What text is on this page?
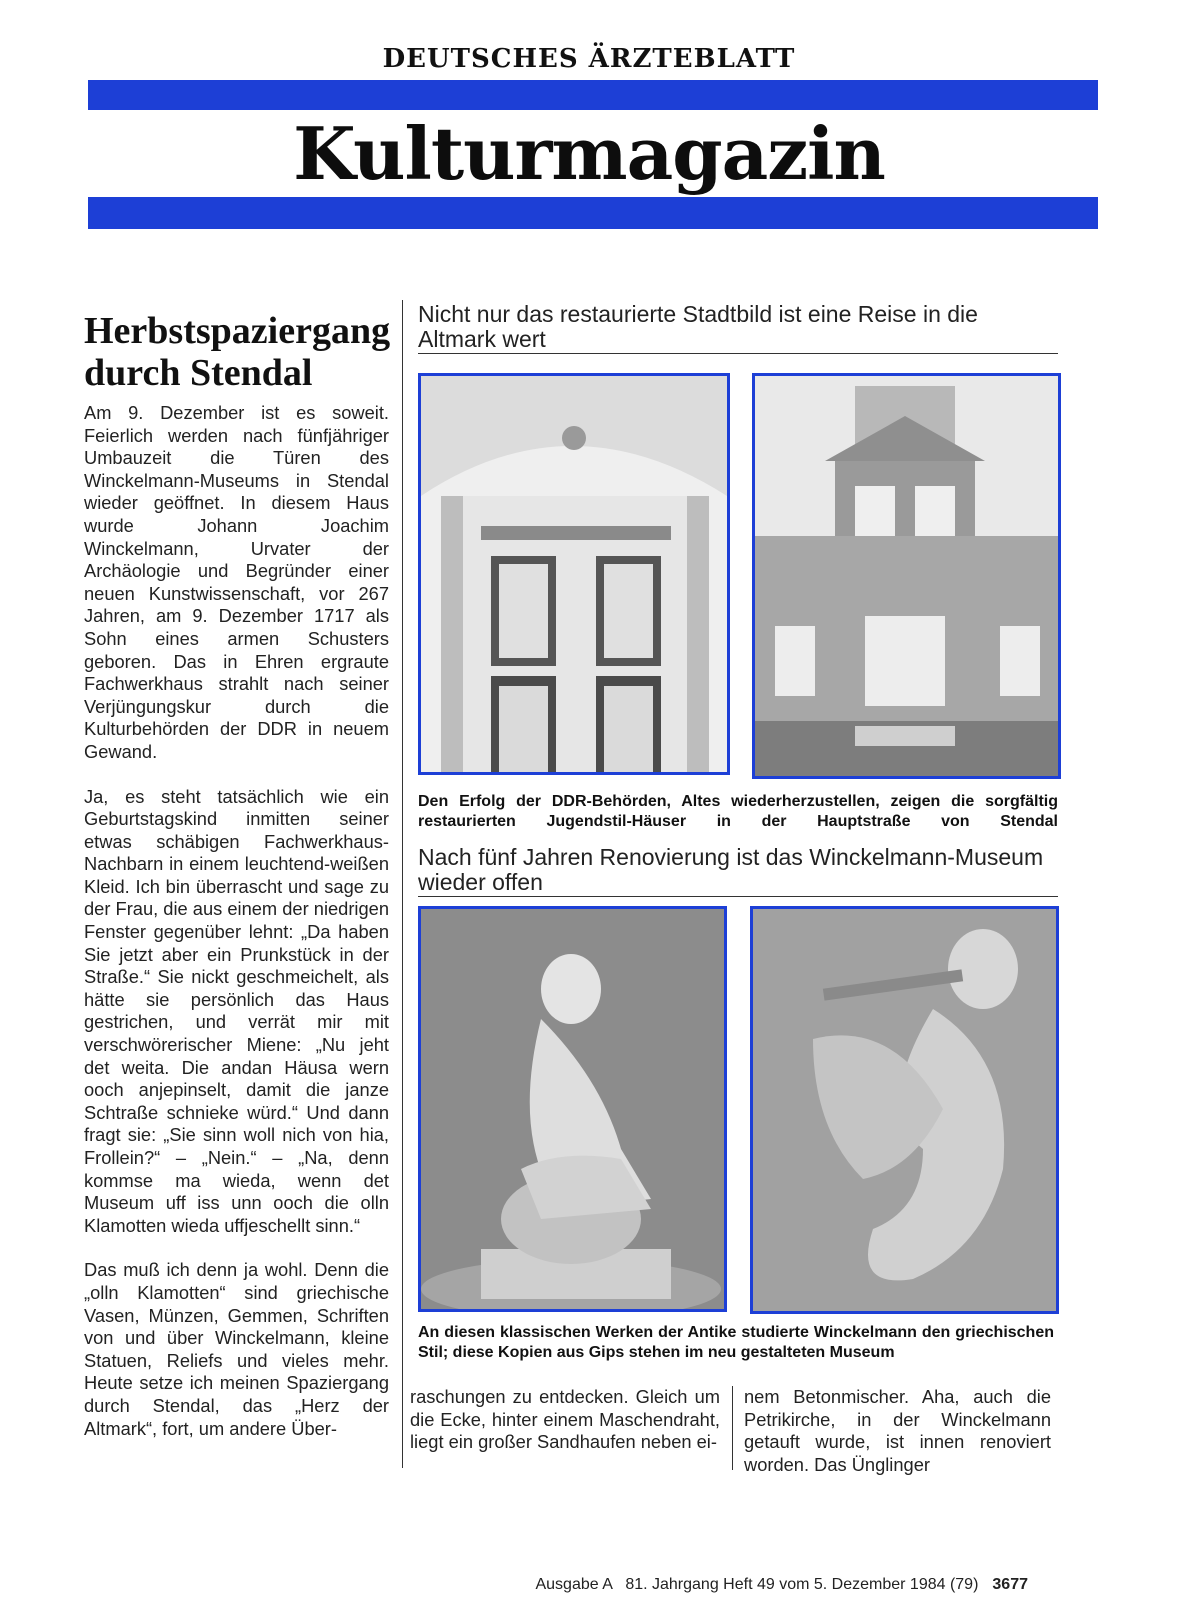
DEUTSCHES ÄRZTEBLATT
Kulturmagazin
Herbstspaziergang durch Stendal

Am 9. Dezember ist es soweit. Feierlich werden nach fünfjähriger Umbauzeit die Türen des Winckelmann-Museums in Stendal wieder geöffnet. In diesem Haus wurde Johann Joachim Winckelmann, Urvater der Archäologie und Begründer einer neuen Kunstwissenschaft, vor 267 Jahren, am 9. Dezember 1717 als Sohn eines armen Schusters geboren. Das in Ehren ergraute Fachwerkhaus strahlt nach seiner Verjüngungskur durch die Kulturbehörden der DDR in neuem Gewand.

Ja, es steht tatsächlich wie ein Geburtstagskind inmitten seiner etwas schäbigen Fachwerkhaus-Nachbarn in einem leuchtend-weißen Kleid. Ich bin überrascht und sage zu der Frau, die aus einem der niedrigen Fenster gegenüber lehnt: „Da haben Sie jetzt aber ein Prunkstück in der Straße.“ Sie nickt geschmeichelt, als hätte sie persönlich das Haus gestrichen, und verrät mir mit verschwörerischer Miene: „Nu jeht det weita. Die andan Häusa wern ooch anjepinselt, damit die janze Schtraße schnieke würd.“ Und dann fragt sie: „Sie sinn woll nich von hia, Frollein?“ – „Nein.“ – „Na, denn kommse ma wieda, wenn det Museum uff iss unn ooch die olln Klamotten wieda uffjeschellt sinn.“

Das muß ich denn ja wohl. Denn die „olln Klamotten“ sind griechische Vasen, Münzen, Gemmen, Schriften von und über Winckelmann, kleine Statuen, Reliefs und vieles mehr. Heute setze ich meinen Spaziergang durch Stendal, das „Herz der Altmark“, fort, um andere Über-

Nicht nur das restaurierte Stadtbild ist eine Reise in die Altmark wert
Den Erfolg der DDR-Behörden, Altes wiederherzustellen, zeigen die sorgfältig restaurierten Jugendstil-Häuser in der Hauptstraße von Stendal
Nach fünf Jahren Renovierung ist das Winckelmann-Museum wieder offen
An diesen klassischen Werken der Antike studierte Winckelmann den griechischen Stil; diese Kopien aus Gips stehen im neu gestalteten Museum

raschungen zu entdecken. Gleich um die Ecke, hinter einem Maschendraht, liegt ein großer Sandhaufen neben ei-

nem Betonmischer. Aha, auch die Petrikirche, in der Winckelmann getauft wurde, ist innen renoviert worden. Das Ünglinger

Ausgabe A   81. Jahrgang Heft 49 vom 5. Dezember 1984 (79) 3677
